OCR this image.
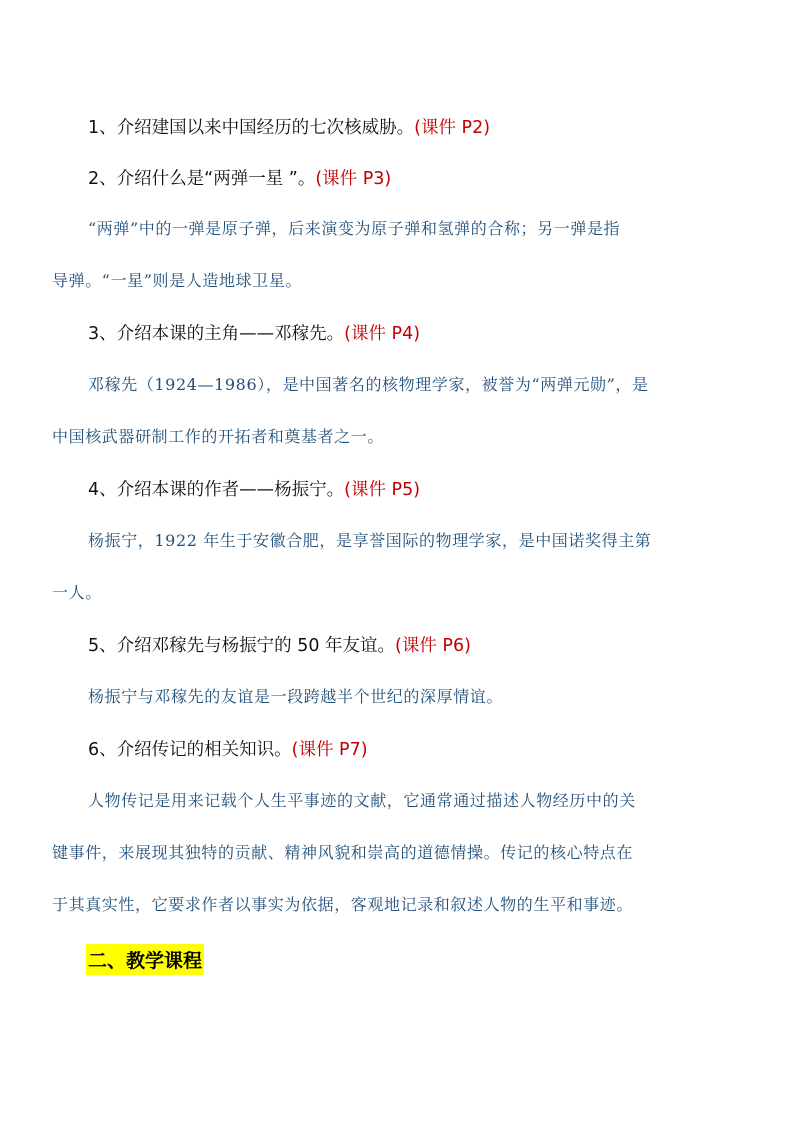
1、介绍建国以来中国经历的七次核威胁。(课件 P2)
2、介绍什么是“两弹一星 ”。(课件 P3)
“两弹”中的一弹是原子弹，后来演变为原子弹和氢弹的合称；另一弹是指
导弹。“一星”则是人造地球卫星。
3、介绍本课的主角——邓稼先。(课件 P4)
邓稼先（1924—1986），是中国著名的核物理学家，被誉为“两弹元勋”，是
中国核武器研制工作的开拓者和奠基者之一。
4、介绍本课的作者——杨振宁。(课件 P5)
杨振宁，1922 年生于安徽合肥，是享誉国际的物理学家，是中国诺奖得主第
一人。
5、介绍邓稼先与杨振宁的 50 年友谊。(课件 P6)
杨振宁与邓稼先的友谊是一段跨越半个世纪的深厚情谊。
6、介绍传记的相关知识。(课件 P7)
人物传记是用来记载个人生平事迹的文献，它通常通过描述人物经历中的关
键事件，来展现其独特的贡献、精神风貌和崇高的道德情操。传记的核心特点在
于其真实性，它要求作者以事实为依据，客观地记录和叙述人物的生平和事迹。
二、教学课程
